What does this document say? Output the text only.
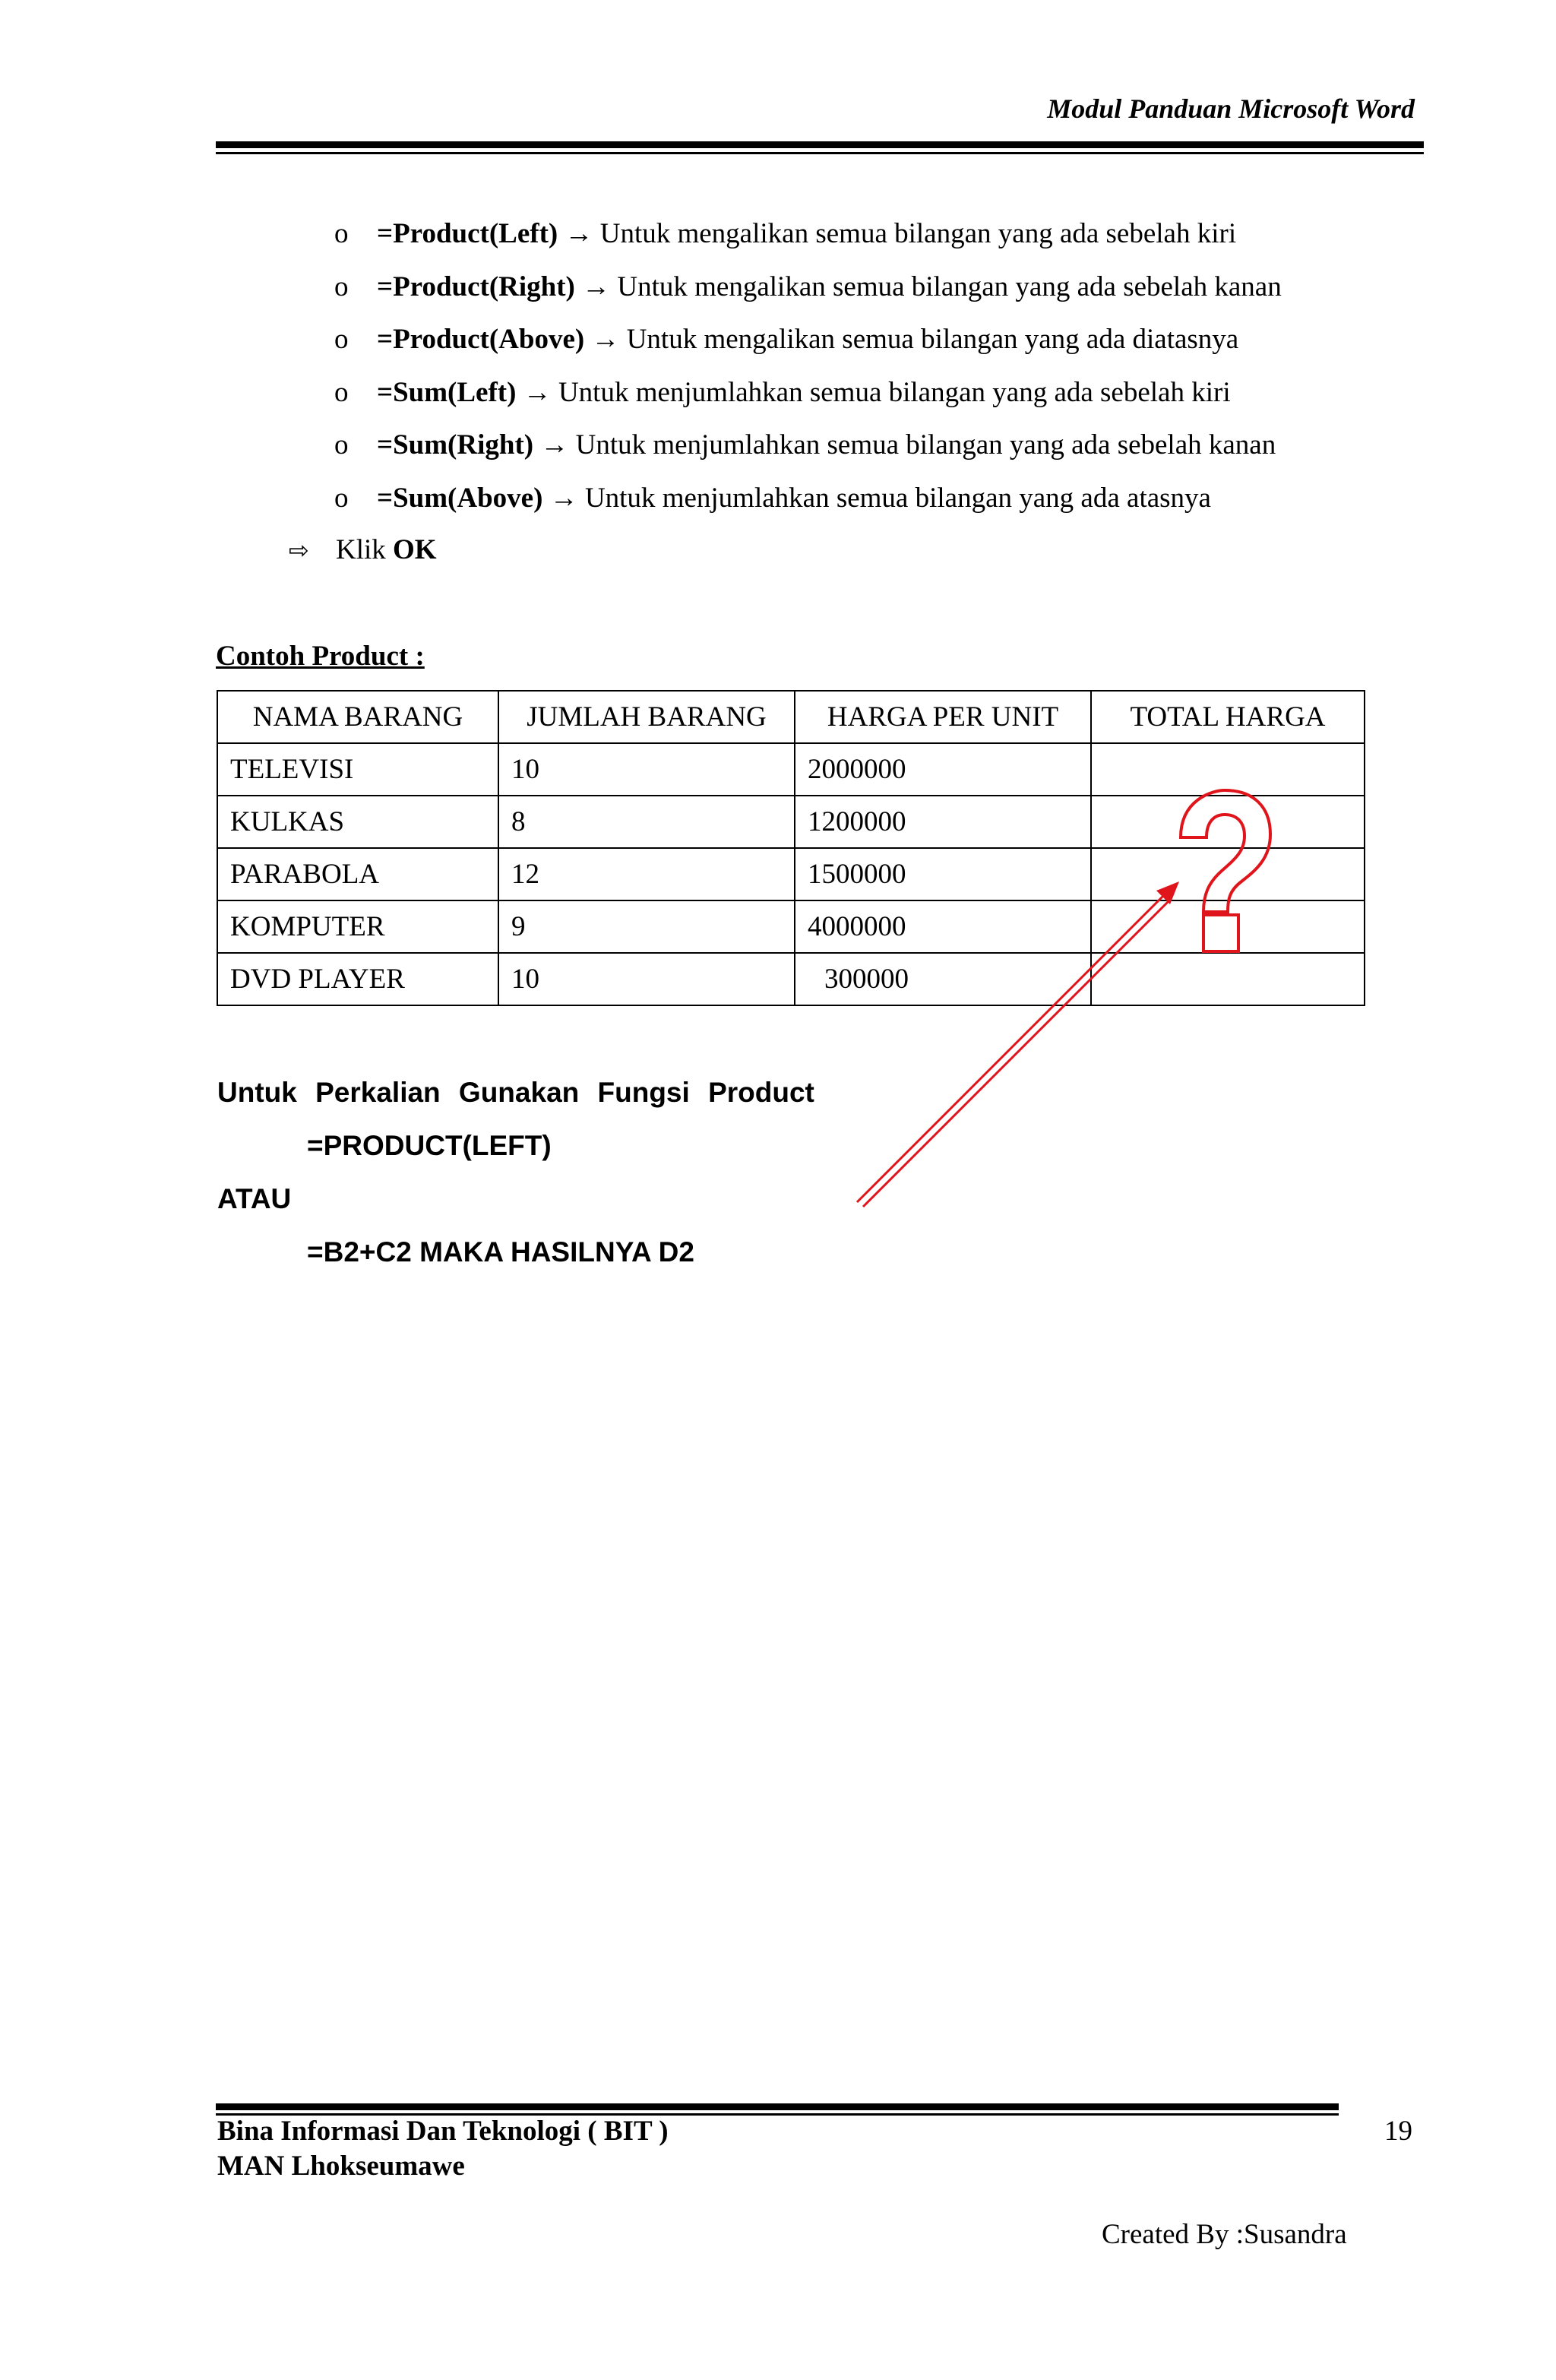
Modul Panduan Microsoft Word
o =Product(Left) → Untuk mengalikan semua bilangan yang ada sebelah kiri
o =Product(Right) → Untuk mengalikan semua bilangan yang ada sebelah kanan
o =Product(Above) → Untuk mengalikan semua bilangan yang ada diatasnya
o =Sum(Left) → Untuk menjumlahkan semua bilangan yang ada sebelah kiri
o =Sum(Right) → Untuk menjumlahkan semua bilangan yang ada sebelah kanan
o =Sum(Above) → Untuk menjumlahkan semua bilangan yang ada atasnya
⇨ Klik OK
Contoh Product :
NAMA BARANG	JUMLAH BARANG	HARGA PER UNIT	TOTAL HARGA
TELEVISI	10	2000000	
KULKAS	8	1200000	
PARABOLA	12	1500000	
KOMPUTER	9	4000000	
DVD PLAYER	10	300000	
Untuk Perkalian Gunakan Fungsi Product
=PRODUCT(LEFT)
ATAU
=B2+C2 MAKA HASILNYA D2
Bina Informasi Dan Teknologi ( BIT )
MAN Lhokseumawe
19
Created By :Susandra
